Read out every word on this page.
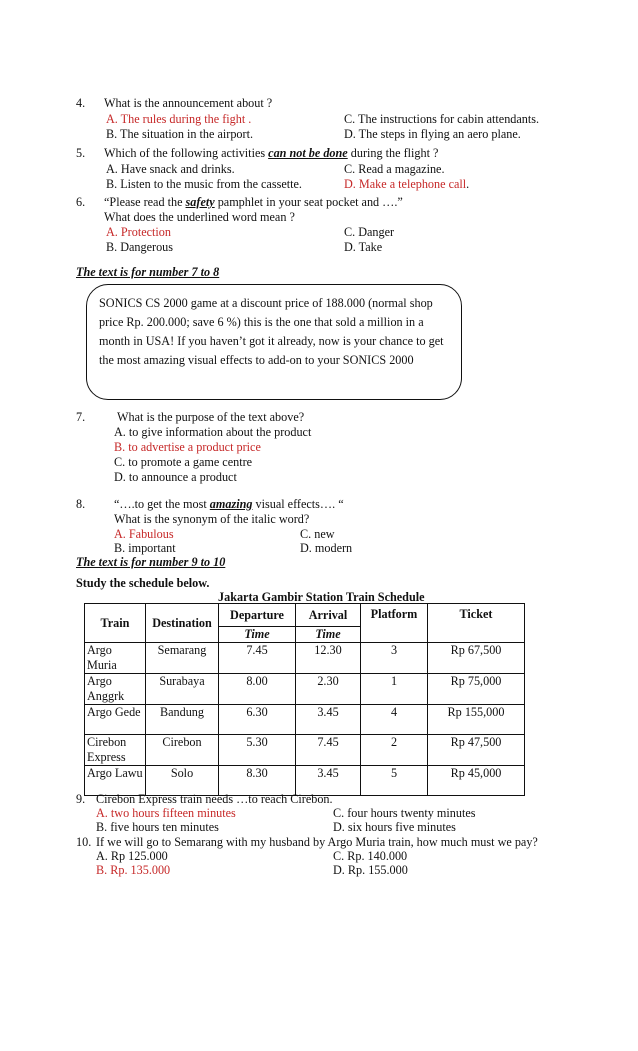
4. What is the announcement about ?
A. The rules during the fight .	C. The instructions for cabin attendants.
B. The situation in the airport.	D. The steps in flying an aero plane.
5. Which of the following activities can not be done during the flight ?
A. Have snack and drinks.	C. Read a magazine.
B. Listen to the music from the cassette.	D. Make a telephone call.
6. “Please read the safety pamphlet in your seat pocket and ….”
What does the underlined word mean ?
A. Protection	C. Danger
B. Dangerous	D. Take
The text is for number 7 to 8

SONICS CS 2000 game at a discount price of 188.000 (normal shop price Rp. 200.000; save 6 %) this is the one that sold a million in a month in USA! If you haven’t got it already, now is your chance to get the most amazing visual effects to add-on to your SONICS 2000

7.	What is the purpose of the text above?
A. to give information about the product
B. to advertise a product price
C. to promote a game centre
D. to announce a product
8. “….to get the most amazing visual effects…. “
What is the synonym of the italic word?
A. Fabulous	C. new
B. important	D. modern
The text is for number 9 to 10
Study the schedule below.
Jakarta Gambir Station Train Schedule
Train	Destination	Departure	Arrival	Platform	Ticket
		Time	Time		
Argo Muria	Semarang	7.45	12.30	3	Rp 67,500
Argo Anggrk	Surabaya	8.00	2.30	1	Rp 75,000
Argo Gede	Bandung	6.30	3.45	4	Rp 155,000
Cirebon Express	Cirebon	5.30	7.45	2	Rp 47,500
Argo Lawu	Solo	8.30	3.45	5	Rp 45,000
9. Cirebon Express train needs …to reach Cirebon.
A. two hours fifteen minutes	C. four hours twenty minutes
B. five hours ten minutes	D. six hours five minutes
10. If we will go to Semarang with my husband by Argo Muria train, how much must we pay?
A. Rp 125.000	C. Rp. 140.000
B. Rp. 135.000	D. Rp. 155.000
